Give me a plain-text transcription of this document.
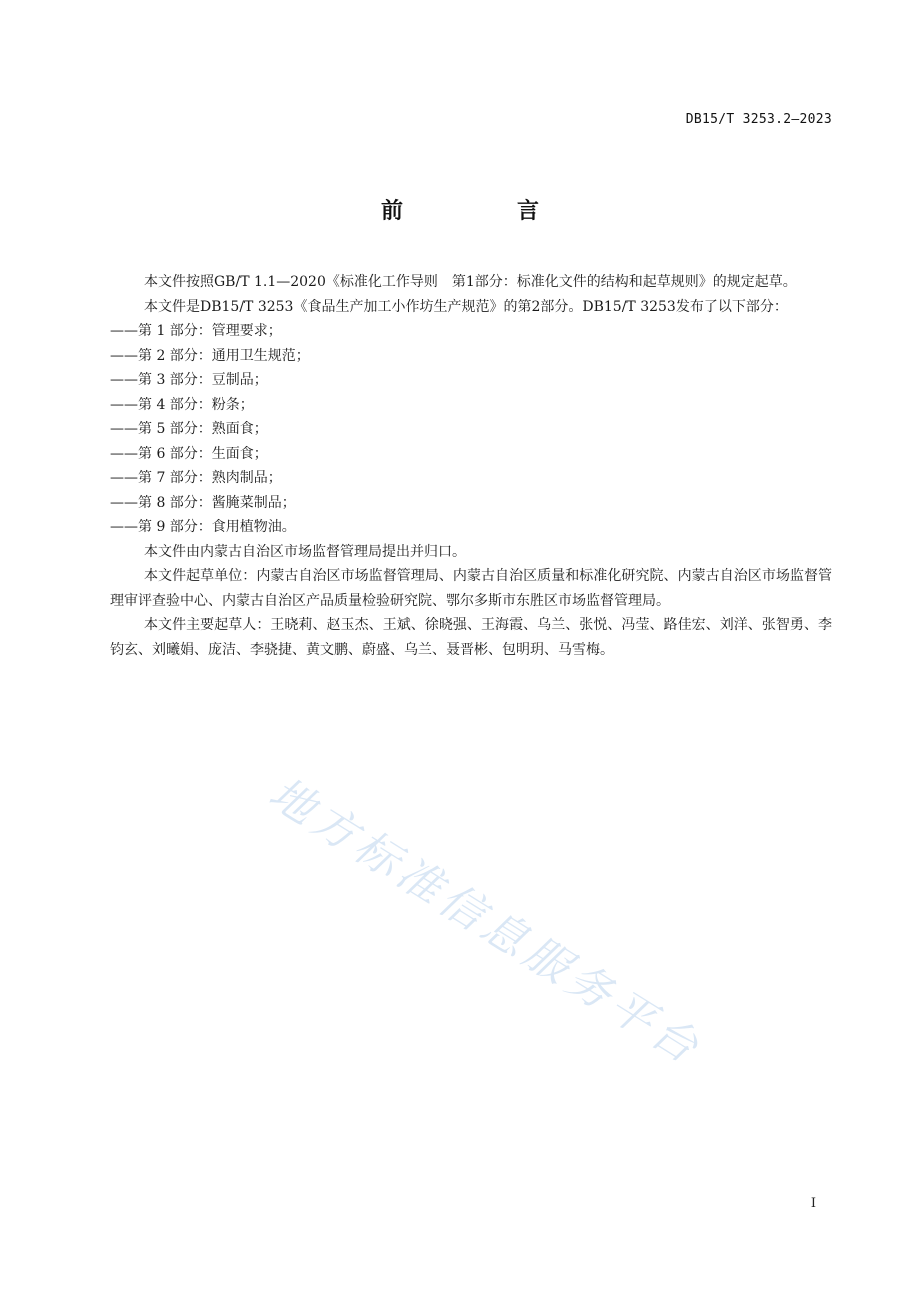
DB15/T 3253.2—2023
前　言

本文件按照GB/T 1.1—2020《标准化工作导则　第1部分：标准化文件的结构和起草规则》的规定起草。

本文件是DB15/T 3253《食品生产加工小作坊生产规范》的第2部分。DB15/T 3253发布了以下部分：

——第 1 部分：管理要求；

——第 2 部分：通用卫生规范；

——第 3 部分：豆制品；

——第 4 部分：粉条；

——第 5 部分：熟面食；

——第 6 部分：生面食；

——第 7 部分：熟肉制品；

——第 8 部分：酱腌菜制品；

——第 9 部分：食用植物油。

本文件由内蒙古自治区市场监督管理局提出并归口。

本文件起草单位：内蒙古自治区市场监督管理局、内蒙古自治区质量和标准化研究院、内蒙古自治区市场监督管理审评查验中心、内蒙古自治区产品质量检验研究院、鄂尔多斯市东胜区市场监督管理局。

本文件主要起草人：王晓莉、赵玉杰、王斌、徐晓强、王海霞、乌兰、张悦、冯莹、路佳宏、刘洋、张智勇、李钧玄、刘曦娟、庞洁、李骁捷、黄文鹏、蔚盛、乌兰、聂晋彬、包明玥、马雪梅。

地方标准信息服务平台
I
